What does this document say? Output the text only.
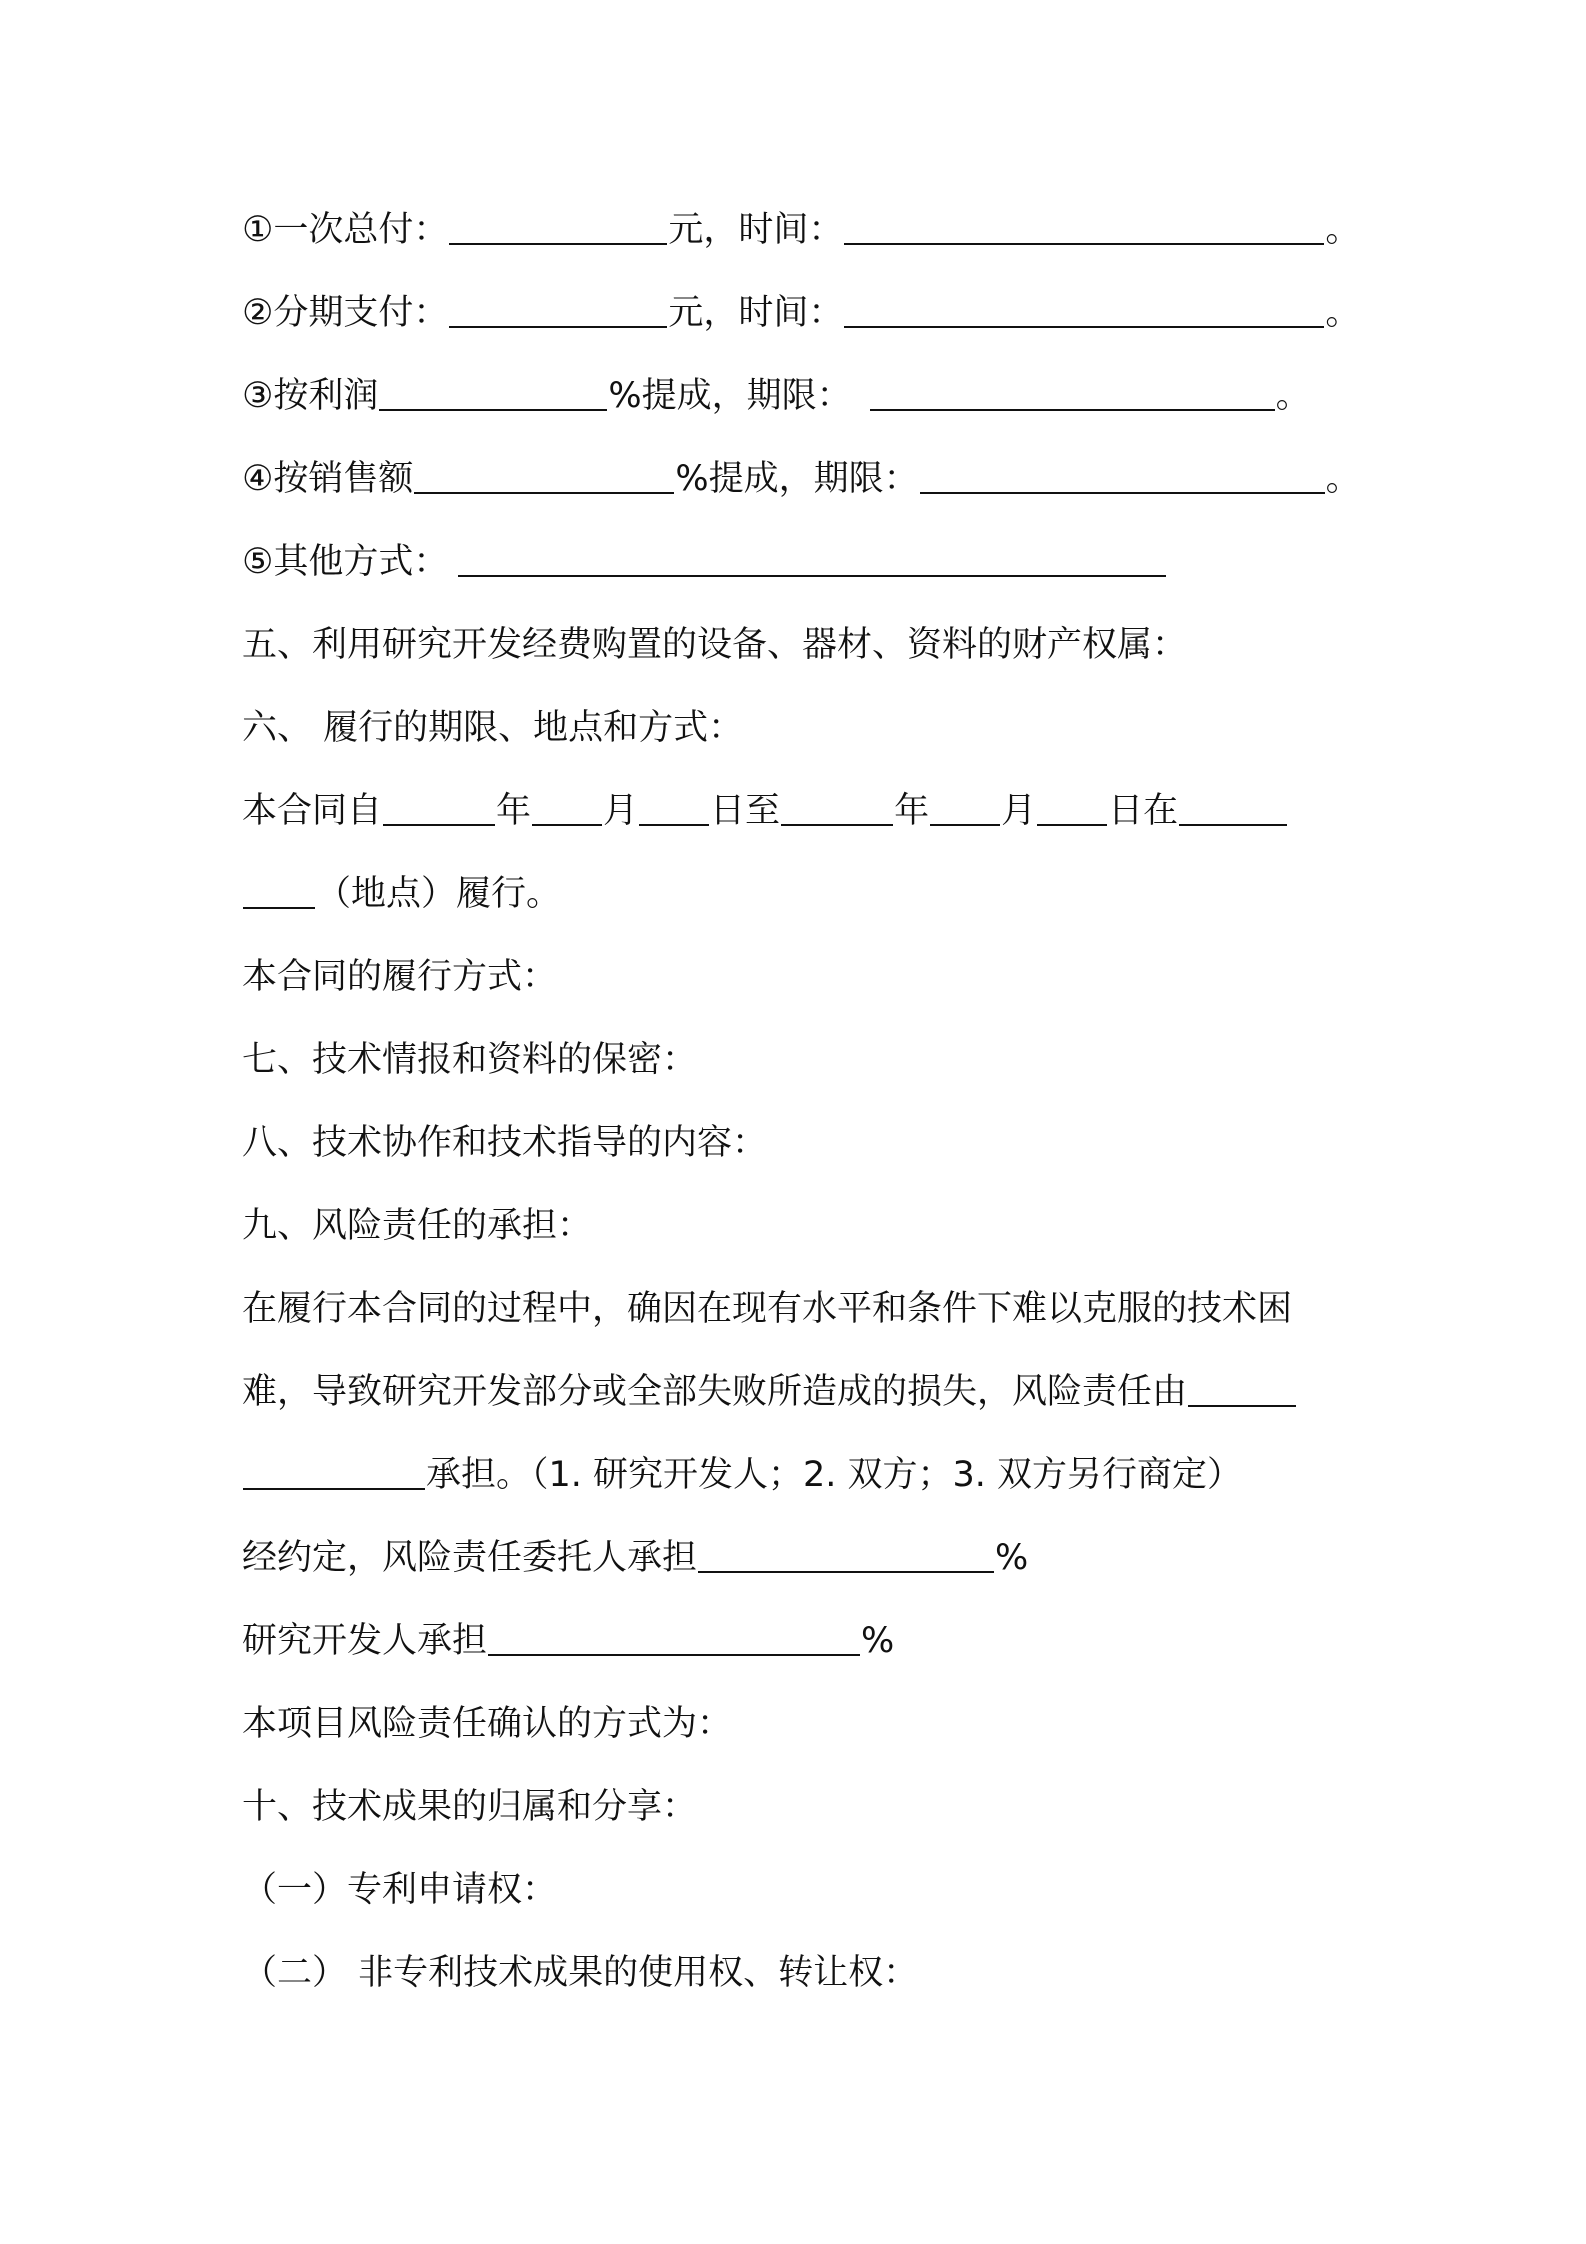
①一次总付：	元，时间：	。
②分期支付：	元，时间：	。
③按利润	%提成，期限：	。
④按销售额	%提成，期限：	。
⑤其他方式：
五、利用研究开发经费购置的设备、器材、资料的财产权属：
六、 履行的期限、地点和方式：
本合同自	年 月 日至	年 月 日在
（地点）履行。
本合同的履行方式：
七、技术情报和资料的保密：
八、技术协作和技术指导的内容：
九、风险责任的承担：
在履行本合同的过程中，确因在现有水平和条件下难以克服的技术困
难，导致研究开发部分或全部失败所造成的损失，风险责任由
承担。（1. 研究开发人；2. 双方；3. 双方另行商定）
经约定，风险责任委托人承担	%
研究开发人承担	%
本项目风险责任确认的方式为：
十、技术成果的归属和分享：
（一）专利申请权：
（二） 非专利技术成果的使用权、转让权：
